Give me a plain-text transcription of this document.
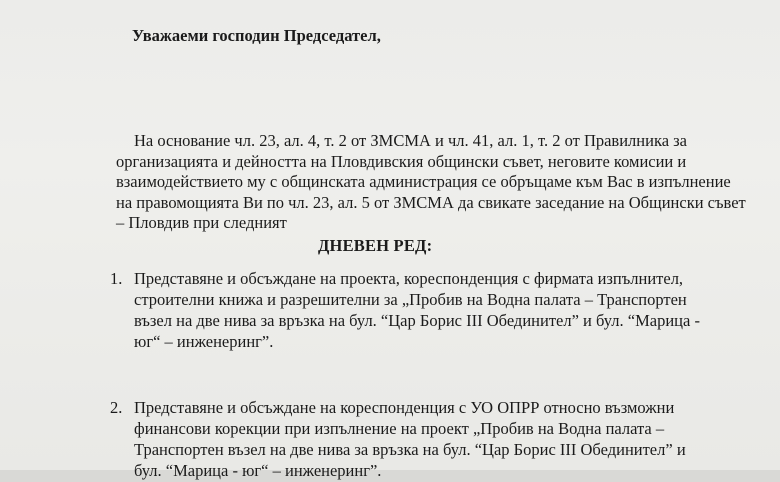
Уважаеми господин Председател,
На основание чл. 23, ал. 4, т. 2 от ЗМСМА и чл. 41, ал. 1, т. 2 от Правилника за
организацията и дейността на Пловдивския общински съвет, неговите комисии и
взаимодействието му с общинската администрация се обръщаме към Вас в изпълнение
на правомощията Ви по чл. 23, ал. 5 от ЗМСМА да свикате заседание на Общински съвет
– Пловдив при следният
ДНЕВЕН РЕД:
1. Представяне и обсъждане на проекта, кореспонденция с фирмата изпълнител,
строителни книжа и разрешителни за „Пробив на Водна палата – Транспортен
възел на две нива за връзка на бул. “Цар Борис III Обединител” и бул. “Марица -
юг“ – инженеринг”.
2. Представяне и обсъждане на кореспонденция с УО ОПРР относно възможни
финансови корекции при изпълнение на проект „Пробив на Водна палата –
Транспортен възел на две нива за връзка на бул. “Цар Борис III Обединител” и
бул. “Марица - юг“ – инженеринг”.
